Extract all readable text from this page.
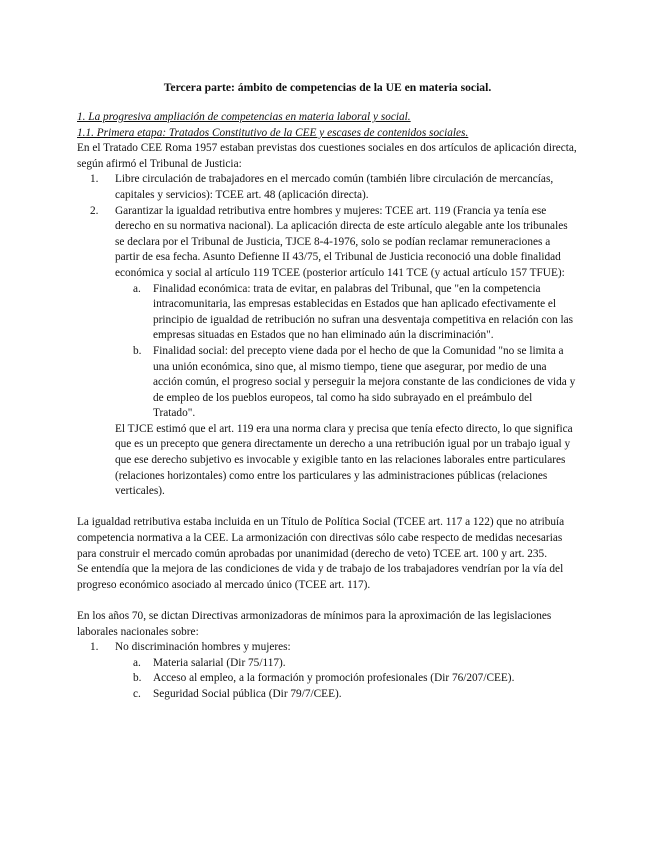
Tercera parte: ámbito de competencias de la UE en materia social.

1. La progresiva ampliación de competencias en materia laboral y social.

1.1. Primera etapa: Tratados Constitutivo de la CEE y escases de contenidos sociales.

En el Tratado CEE Roma 1957 estaban previstas dos cuestiones sociales en dos artículos de aplicación directa, según afirmó el Tribunal de Justicia:

1.	Libre circulación de trabajadores en el mercado común (también libre circulación de mercancías, capitales y servicios): TCEE art. 48 (aplicación directa).
2.	Garantizar la igualdad retributiva entre hombres y mujeres: TCEE art. 119 (Francia ya tenía ese derecho en su normativa nacional). La aplicación directa de este artículo alegable ante los tribunales se declara por el Tribunal de Justicia, TJCE 8-4-1976, solo se podían reclamar remuneraciones a partir de esa fecha. Asunto Defienne II 43/75, el Tribunal de Justicia reconoció una doble finalidad económica y social al artículo 119 TCEE (posterior artículo 141 TCE (y actual artículo 157 TFUE):
a.	Finalidad económica: trata de evitar, en palabras del Tribunal, que "en la competencia intracomunitaria, las empresas establecidas en Estados que han aplicado efectivamente el principio de igualdad de retribución no sufran una desventaja competitiva en relación con las empresas situadas en Estados que no han eliminado aún la discriminación".
b.	Finalidad social: del precepto viene dada por el hecho de que la Comunidad "no se limita a una unión económica, sino que, al mismo tiempo, tiene que asegurar, por medio de una acción común, el progreso social y perseguir la mejora constante de las condiciones de vida y de empleo de los pueblos europeos, tal como ha sido subrayado en el preámbulo del Tratado".

El TJCE estimó que el art. 119 era una norma clara y precisa que tenía efecto directo, lo que significa que es un precepto que genera directamente un derecho a una retribución igual por un trabajo igual y que ese derecho subjetivo es invocable y exigible tanto en las relaciones laborales entre particulares (relaciones horizontales) como entre los particulares y las administraciones públicas (relaciones verticales).

La igualdad retributiva estaba incluida en un Título de Política Social (TCEE art. 117 a 122) que no atribuía competencia normativa a la CEE. La armonización con directivas sólo cabe respecto de medidas necesarias para construir el mercado común aprobadas por unanimidad (derecho de veto) TCEE art. 100 y art. 235.

Se entendía que la mejora de las condiciones de vida y de trabajo de los trabajadores vendrían por la vía del progreso económico asociado al mercado único (TCEE art. 117).

En los años 70, se dictan Directivas armonizadoras de mínimos para la aproximación de las legislaciones laborales nacionales sobre:

1.	No discriminación hombres y mujeres:
a.	Materia salarial (Dir 75/117).
b.	Acceso al empleo, a la formación y promoción profesionales (Dir 76/207/CEE).
c.	Seguridad Social pública (Dir 79/7/CEE).
